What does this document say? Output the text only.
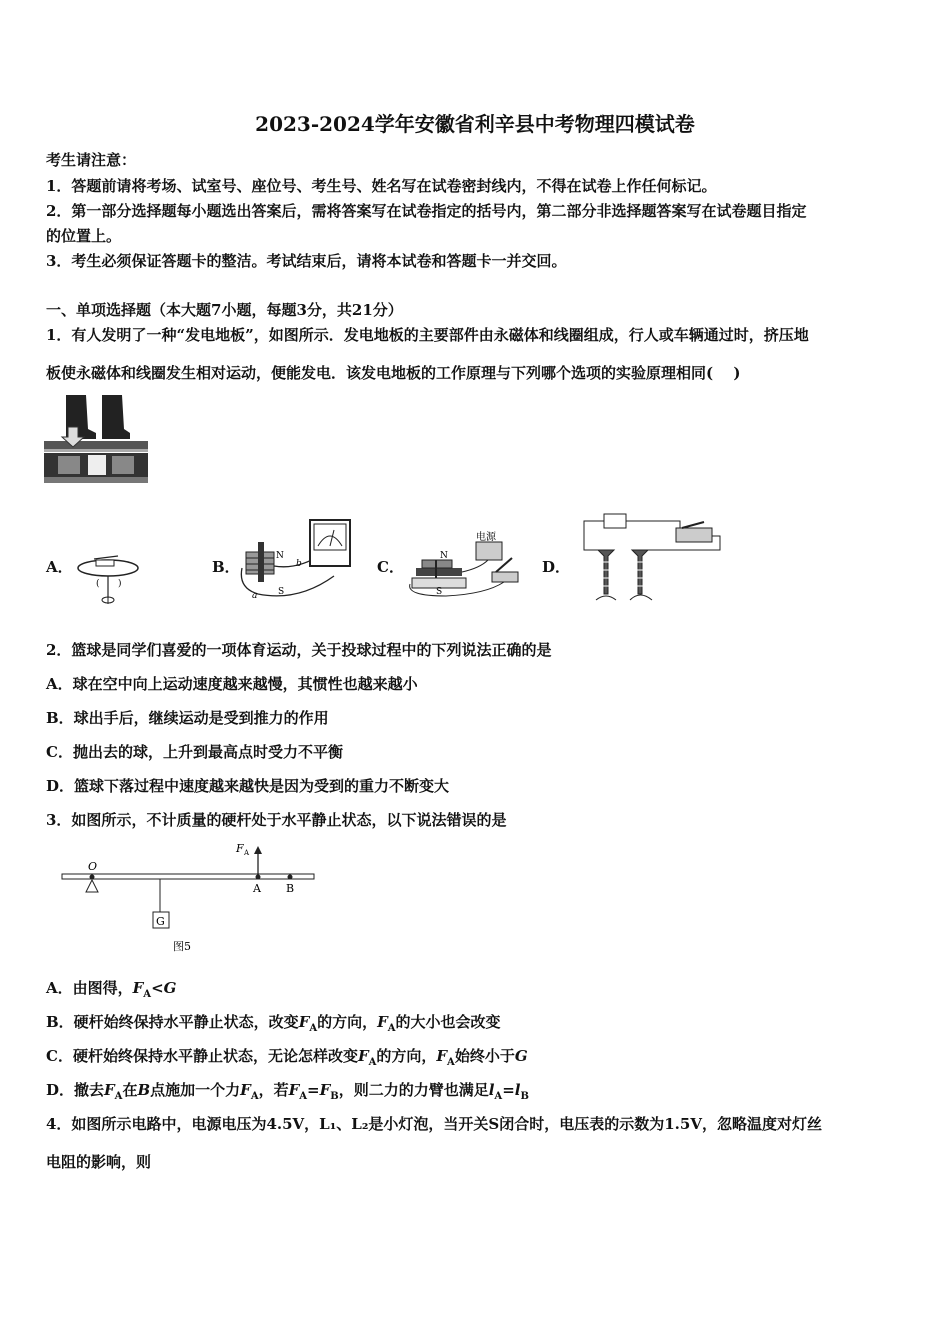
2023-2024学年安徽省利辛县中考物理四模试卷
考生请注意：
1．答题前请将考场、试室号、座位号、考生号、姓名写在试卷密封线内，不得在试卷上作任何标记。
2．第一部分选择题每小题选出答案后，需将答案写在试卷指定的括号内，第二部分非选择题答案写在试卷题目指定
的位置上。
3．考生必须保证答题卡的整洁。考试结束后，请将本试卷和答题卡一并交回。
一、单项选择题（本大题7小题，每题3分，共21分）
1．有人发明了一种“发电地板”，如图所示．发电地板的主要部件由永磁体和线圈组成，行人或车辆通过时，挤压地
板使永磁体和线圈发生相对运动，便能发电．该发电地板的工作原理与下列哪个选项的实验原理相同(　 )
A．
( )
B．
N
S
b
a
C．
电源
N
S
D．
2．篮球是同学们喜爱的一项体育运动，关于投球过程中的下列说法正确的是
A．球在空中向上运动速度越来越慢，其惯性也越来越小
B．球出手后，继续运动是受到推力的作用
C．抛出去的球，上升到最高点时受力不平衡
D．篮球下落过程中速度越来越快是因为受到的重力不断变大
3．如图所示，不计质量的硬杆处于水平静止状态，以下说法错误的是
O
G
F A
A B
图5
A．由图得，$F_A<G$
B．硬杆始终保持水平静止状态，改变$F_A$的方向，$F_A$的大小也会改变
C．硬杆始终保持水平静止状态，无论怎样改变$F_A$的方向，$F_A$始终小于G
D．撤去$F_A$在B点施加一个力$F_A$，若$F_A=F_B$，则二力的力臂也满足$l_A=l_B$
4．如图所示电路中，电源电压为4.5V，L₁、L₂是小灯泡，当开关S闭合时，电压表的示数为1.5V，忽略温度对灯丝
电阻的影响，则
